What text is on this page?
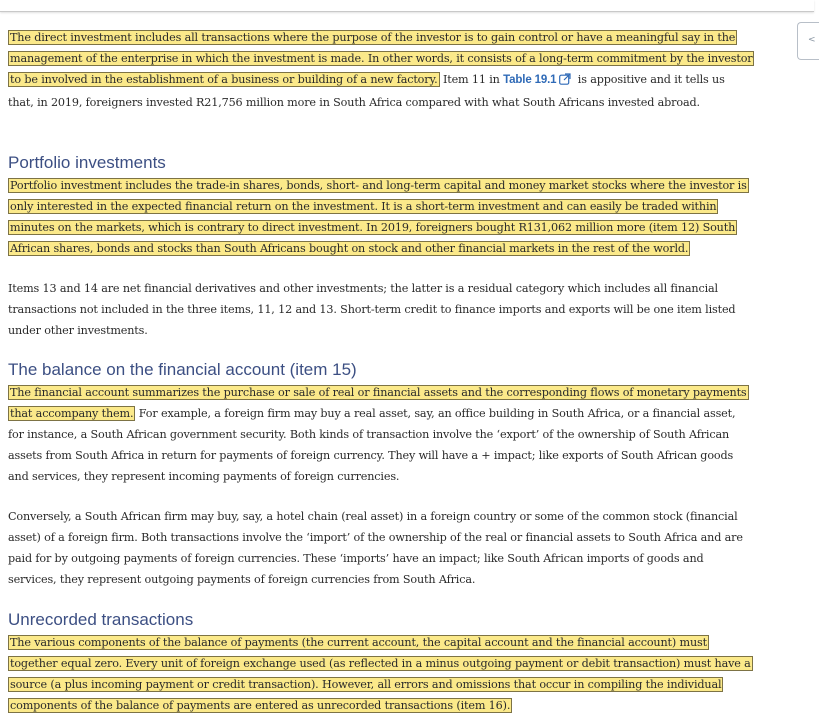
<

The direct investment includes all transactions where the purpose of the investor is to gain control or have a meaningful say in the management of the enterprise in which the investment is made. In other words, it consists of a long-term commitment by the investor to be involved in the establishment of a business or building of a new factory. Item 11 in Table 19.1 is appositive and it tells us that, in 2019, foreigners invested R21,756 million more in South Africa compared with what South Africans invested abroad.

Portfolio investments

Portfolio investment includes the trade-in shares, bonds, short- and long-term capital and money market stocks where the investor is only interested in the expected financial return on the investment. It is a short-term investment and can easily be traded within minutes on the markets, which is contrary to direct investment. In 2019, foreigners bought R131,062 million more (item 12) South African shares, bonds and stocks than South Africans bought on stock and other financial markets in the rest of the world.

Items 13 and 14 are net financial derivatives and other investments; the latter is a residual category which includes all financial transactions not included in the three items, 11, 12 and 13. Short-term credit to finance imports and exports will be one item listed under other investments.

The balance on the financial account (item 15)

The financial account summarizes the purchase or sale of real or financial assets and the corresponding flows of monetary payments that accompany them. For example, a foreign firm may buy a real asset, say, an office building in South Africa, or a financial asset, for instance, a South African government security. Both kinds of transaction involve the ‘export’ of the ownership of South African assets from South Africa in return for payments of foreign currency. They will have a + impact; like exports of South African goods and services, they represent incoming payments of foreign currencies.

Conversely, a South African firm may buy, say, a hotel chain (real asset) in a foreign country or some of the common stock (financial asset) of a foreign firm. Both transactions involve the ‘import’ of the ownership of the real or financial assets to South Africa and are paid for by outgoing payments of foreign currencies. These ‘imports’ have an impact; like South African imports of goods and services, they represent outgoing payments of foreign currencies from South Africa.

Unrecorded transactions

The various components of the balance of payments (the current account, the capital account and the financial account) must together equal zero. Every unit of foreign exchange used (as reflected in a minus outgoing payment or debit transaction) must have a source (a plus incoming payment or credit transaction). However, all errors and omissions that occur in compiling the individual components of the balance of payments are entered as unrecorded transactions (item 16).
